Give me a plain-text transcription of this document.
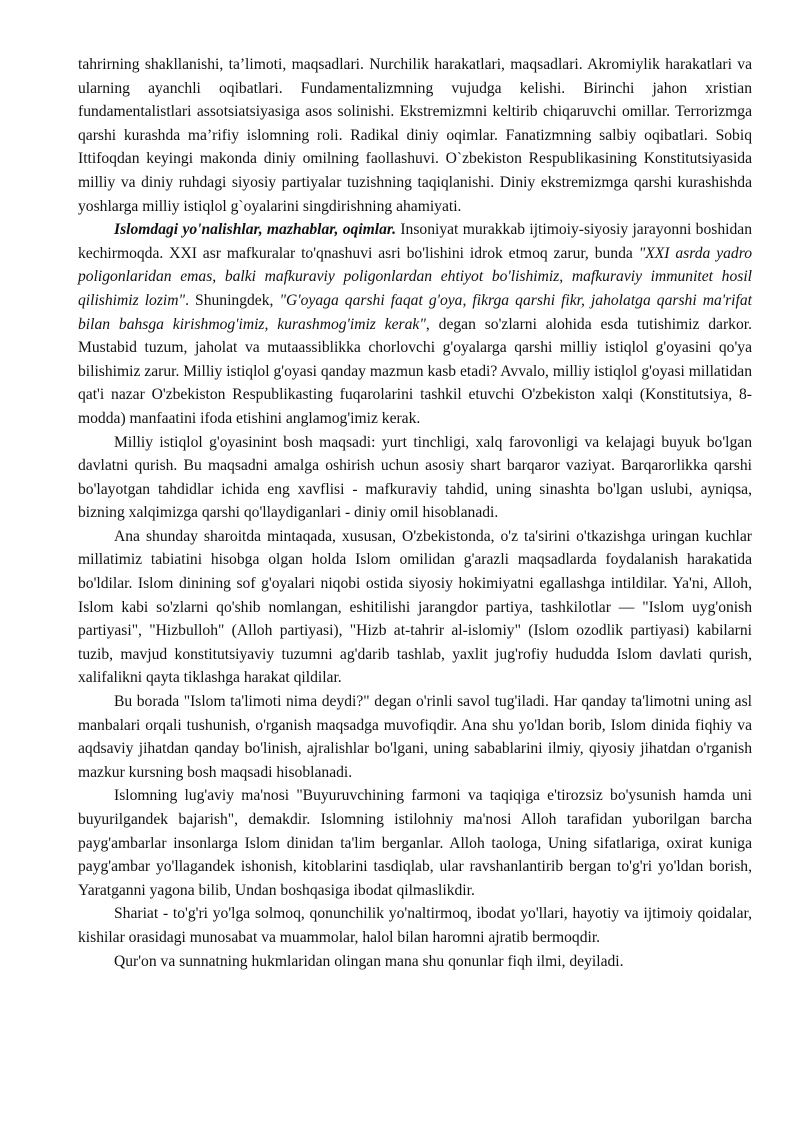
tahrirning shakllanishi, ta’limoti, maqsadlari. Nurchilik harakatlari, maqsadlari. Akromiylik harakatlari va ularning ayanchli oqibatlari. Fundamentalizmning vujudga kelishi. Birinchi jahon xristian fundamentalistlari assotsiatsiyasiga asos solinishi. Ekstremizmni keltirib chiqaruvchi omillar. Terrorizmga qarshi kurashda ma’rifiy islomning roli. Radikal diniy oqimlar. Fanatizmning salbiy oqibatlari. Sobiq Ittifoqdan keyingi makonda diniy omilning faollashuvi. O`zbekiston Respublikasining Konstitutsiyasida milliy va diniy ruhdagi siyosiy partiyalar tuzishning taqiqlanishi. Diniy ekstremizmga qarshi kurashishda yoshlarga milliy istiqlol g`oyalarini singdirishning ahamiyati.

Islomdagi yo'nalishlar, mazhablar, oqimlar. Insoniyat murakkab ijtimoiy-siyosiy jarayonni boshidan kechirmoqda. XXI asr mafkuralar to'qnashuvi asri bo'lishini idrok etmoq zarur, bunda "XXI asrda yadro poligonlaridan emas, balki mafkuraviy poligonlardan ehtiyot bo'lishimiz, mafkuraviy immunitet hosil qilishimiz lozim". Shuningdek, "G'oyaga qarshi faqat g'oya, fikrga qarshi fikr, jaholatga qarshi ma'rifat bilan bahsga kirishmog'imiz, kurashmog'imiz kerak", degan so'zlarni alohida esda tutishimiz darkor. Mustabid tuzum, jaholat va mutaassiblikka chorlovchi g'oyalarga qarshi milliy istiqlol g'oyasini qo'ya bilishimiz zarur. Milliy istiqlol g'oyasi qanday mazmun kasb etadi? Avvalo, milliy istiqlol g'oyasi millatidan qat'i nazar O'zbekiston Respublikasting fuqarolarini tashkil etuvchi O'zbekiston xalqi (Konstitutsiya, 8-modda) manfaatini ifoda etishini anglamog'imiz kerak.

Milliy istiqlol g'oyasinint bosh maqsadi: yurt tinchligi, xalq farovonligi va kelajagi buyuk bo'lgan davlatni qurish. Bu maqsadni amalga oshirish uchun asosiy shart barqaror vaziyat. Barqarorlikka qarshi bo'layotgan tahdidlar ichida eng xavflisi - mafkuraviy tahdid, uning sinashta bo'lgan uslubi, ayniqsa, bizning xalqimizga qarshi qo'llaydiganlari - diniy omil hisoblanadi.

Ana shunday sharoitda mintaqada, xususan, O'zbekistonda, o'z ta'sirini o'tkazishga uringan kuchlar millatimiz tabiatini hisobga olgan holda Islom omilidan g'arazli maqsadlarda foydalanish harakatida bo'ldilar. Islom dinining sof g'oyalari niqobi ostida siyosiy hokimiyatni egallashga intildilar. Ya'ni, Alloh, Islom kabi so'zlarni qo'shib nomlangan, eshitilishi jarangdor partiya, tashkilotlar — "Islom uyg'onish partiyasi", "Hizbulloh" (Alloh partiyasi), "Hizb at-tahrir al-islomiy" (Islom ozodlik partiyasi) kabilarni tuzib, mavjud konstitutsiyaviy tuzumni ag'darib tashlab, yaxlit jug'rofiy hududda Islom davlati qurish, xalifalikni qayta tiklashga harakat qildilar.

Bu borada "Islom ta'limoti nima deydi?" degan o'rinli savol tug'iladi. Har qanday ta'limotni uning asl manbalari orqali tushunish, o'rganish maqsadga muvofiqdir. Ana shu yo'ldan borib, Islom dinida fiqhiy va aqdsaviy jihatdan qanday bo'linish, ajralishlar bo'lgani, uning sabablarini ilmiy, qiyosiy jihatdan o'rganish mazkur kursning bosh maqsadi hisoblanadi.

Islomning lug'aviy ma'nosi "Buyuruvchining farmoni va taqiqiga e'tirozsiz bo'ysunish hamda uni buyurilgandek bajarish", demakdir. Islomning istilohniy ma'nosi Alloh tarafidan yuborilgan barcha payg'ambarlar insonlarga Islom dinidan ta'lim berganlar. Alloh taologa, Uning sifatlariga, oxirat kuniga payg'ambar yo'llagandek ishonish, kitoblarini tasdiqlab, ular ravshanlantirib bergan to'g'ri yo'ldan borish, Yaratganni yagona bilib, Undan boshqasiga ibodat qilmaslikdir.

Shariat - to'g'ri yo'lga solmoq, qonunchilik yo'naltirmoq, ibodat yo'llari, hayotiy va ijtimoiy qoidalar, kishilar orasidagi munosabat va muammolar, halol bilan haromni ajratib bermoqdir.

Qur'on va sunnatning hukmlaridan olingan mana shu qonunlar fiqh ilmi, deyiladi.
